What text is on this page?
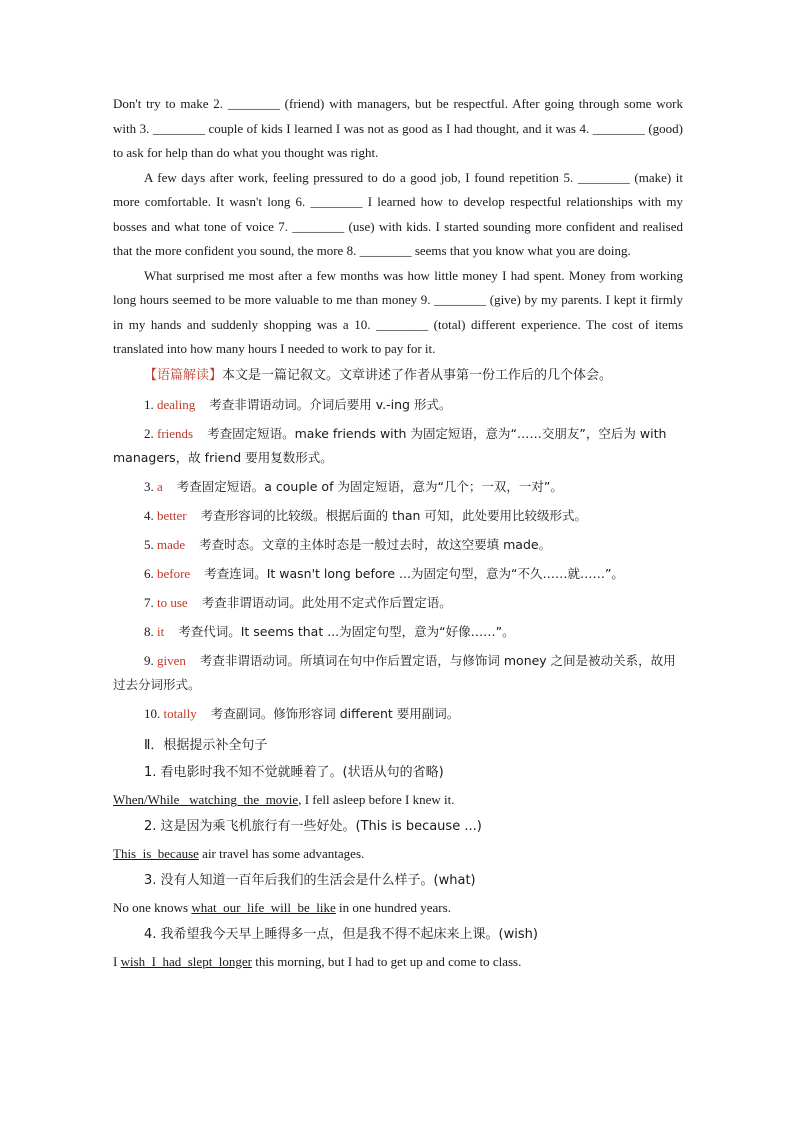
Don't try to make 2. ________ (friend) with managers, but be respectful. After going through some work with 3. ________ couple of kids I learned I was not as good as I had thought, and it was 4. ________ (good) to ask for help than do what you thought was right.

A few days after work, feeling pressured to do a good job, I found repetition 5. ________ (make) it more comfortable. It wasn't long 6. ________ I learned how to develop respectful relationships with my bosses and what tone of voice 7. ________ (use) with kids. I started sounding more confident and realised that the more confident you sound, the more 8. ________ seems that you know what you are doing.

What surprised me most after a few months was how little money I had spent. Money from working long hours seemed to be more valuable to me than money 9. ________ (give) by my parents. I kept it firmly in my hands and suddenly shopping was a 10. ________ (total) different experience. The cost of items translated into how many hours I needed to work to pay for it.

【语篇解读】本文是一篇记叙文。文章讲述了作者从事第一份工作后的几个体会。
1. dealing 考查非谓语动词。介词后要用 v.-ing 形式。
2. friends 考查固定短语。make friends with 为固定短语，意为“……交朋友”，空后为 with managers，故 friend 要用复数形式。
3. a 考查固定短语。a couple of 为固定短语，意为“几个；一双，一对”。
4. better 考查形容词的比较级。根据后面的 than 可知，此处要用比较级形式。
5. made 考查时态。文章的主体时态是一般过去时，故这空要填 made。
6. before 考查连词。It wasn't long before ...为固定句型，意为“不久……就……”。
7. to use 考查非谓语动词。此处用不定式作后置定语。
8. it 考查代词。It seems that ...为固定句型，意为“好像……”。
9. given 考查非谓语动词。所填词在句中作后置定语，与修饰词 money 之间是被动关系，故用过去分词形式。
10. totally 考查副词。修饰形容词 different 要用副词。
Ⅱ．根据提示补全句子
1. 看电影时我不知不觉就睡着了。(状语从句的省略)
When/While_ watching_the_movie, I fell asleep before I knew it.
2. 这是因为乘飞机旅行有一些好处。(This is because ...)
This_is_because air travel has some advantages.
3. 没有人知道一百年后我们的生活会是什么样子。(what)
No one knows what_our_life_will_be_like in one hundred years.
4. 我希望我今天早上睡得多一点，但是我不得不起床来上课。(wish)
I wish_I_had_slept_longer this morning, but I had to get up and come to class.
